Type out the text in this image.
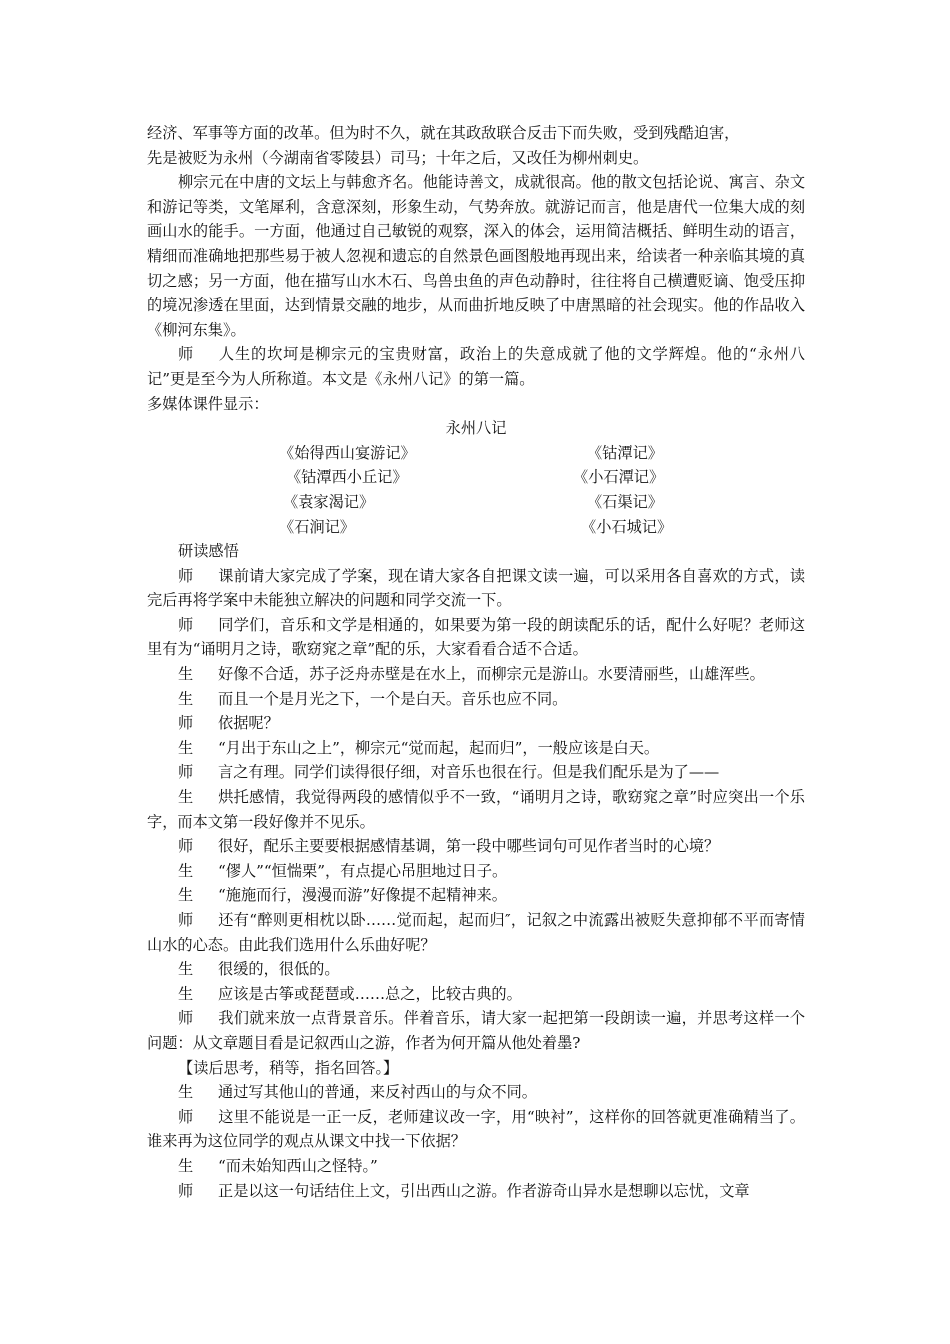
经济、军事等方面的改革。但为时不久，就在其政敌联合反击下而失败，受到残酷迫害，

先是被贬为永州（今湖南省零陵县）司马；十年之后，又改任为柳州刺史。

柳宗元在中唐的文坛上与韩愈齐名。他能诗善文，成就很高。他的散文包括论说、寓言、杂文和游记等类，文笔犀利，含意深刻，形象生动，气势奔放。就游记而言，他是唐代一位集大成的刻画山水的能手。一方面，他通过自己敏锐的观察，深入的体会，运用简洁概括、鲜明生动的语言，精细而准确地把那些易于被人忽视和遗忘的自然景色画图般地再现出来，给读者一种亲临其境的真切之感；另一方面，他在描写山水木石、鸟兽虫鱼的声色动静时，往往将自己横遭贬谪、饱受压抑的境况渗透在里面，达到情景交融的地步，从而曲折地反映了中唐黑暗的社会现实。他的作品收入《柳河东集》。

师 人生的坎坷是柳宗元的宝贵财富，政治上的失意成就了他的文学辉煌。他的“永州八记”更是至今为人所称道。本文是《永州八记》的第一篇。

多媒体课件显示：

永州八记

《始得西山宴游记》	《钴潭记》
《钴潭西小丘记》	《小石潭记》
《袁家渴记》	《石渠记》
《石涧记》	《小石城记》

研读感悟

师 课前请大家完成了学案，现在请大家各自把课文读一遍，可以采用各自喜欢的方式，读完后再将学案中未能独立解决的问题和同学交流一下。

师 同学们，音乐和文学是相通的，如果要为第一段的朗读配乐的话，配什么好呢？老师这里有为“诵明月之诗，歌窈窕之章”配的乐，大家看看合适不合适。

生 好像不合适，苏子泛舟赤壁是在水上，而柳宗元是游山。水要清丽些，山雄浑些。

生 而且一个是月光之下，一个是白天。音乐也应不同。

师 依据呢？

生 “月出于东山之上”，柳宗元“觉而起，起而归”，一般应该是白天。

师 言之有理。同学们读得很仔细，对音乐也很在行。但是我们配乐是为了——

生 烘托感情，我觉得两段的感情似乎不一致，“诵明月之诗，歌窈窕之章”时应突出一个乐字，而本文第一段好像并不见乐。

师 很好，配乐主要要根据感情基调，第一段中哪些词句可见作者当时的心境？

生 “僇人”“恒惴栗”，有点提心吊胆地过日子。

生 “施施而行，漫漫而游”好像提不起精神来。

师 还有“醉则更相枕以卧……觉而起，起而归″，记叙之中流露出被贬失意抑郁不平而寄情山水的心态。由此我们选用什么乐曲好呢？

生 很缓的，很低的。

生 应该是古筝或琵琶或……总之，比较古典的。

师 我们就来放一点背景音乐。伴着音乐，请大家一起把第一段朗读一遍，并思考这样一个问题：从文章题目看是记叙西山之游，作者为何开篇从他处着墨?

【读后思考，稍等，指名回答。】

生 通过写其他山的普通，来反衬西山的与众不同。

师 这里不能说是一正一反，老师建议改一字，用“映衬”，这样你的回答就更准确精当了。谁来再为这位同学的观点从课文中找一下依据？

生 “而未始知西山之怪特。”

师 正是以这一句话结住上文，引出西山之游。作者游奇山异水是想聊以忘忧，文章
